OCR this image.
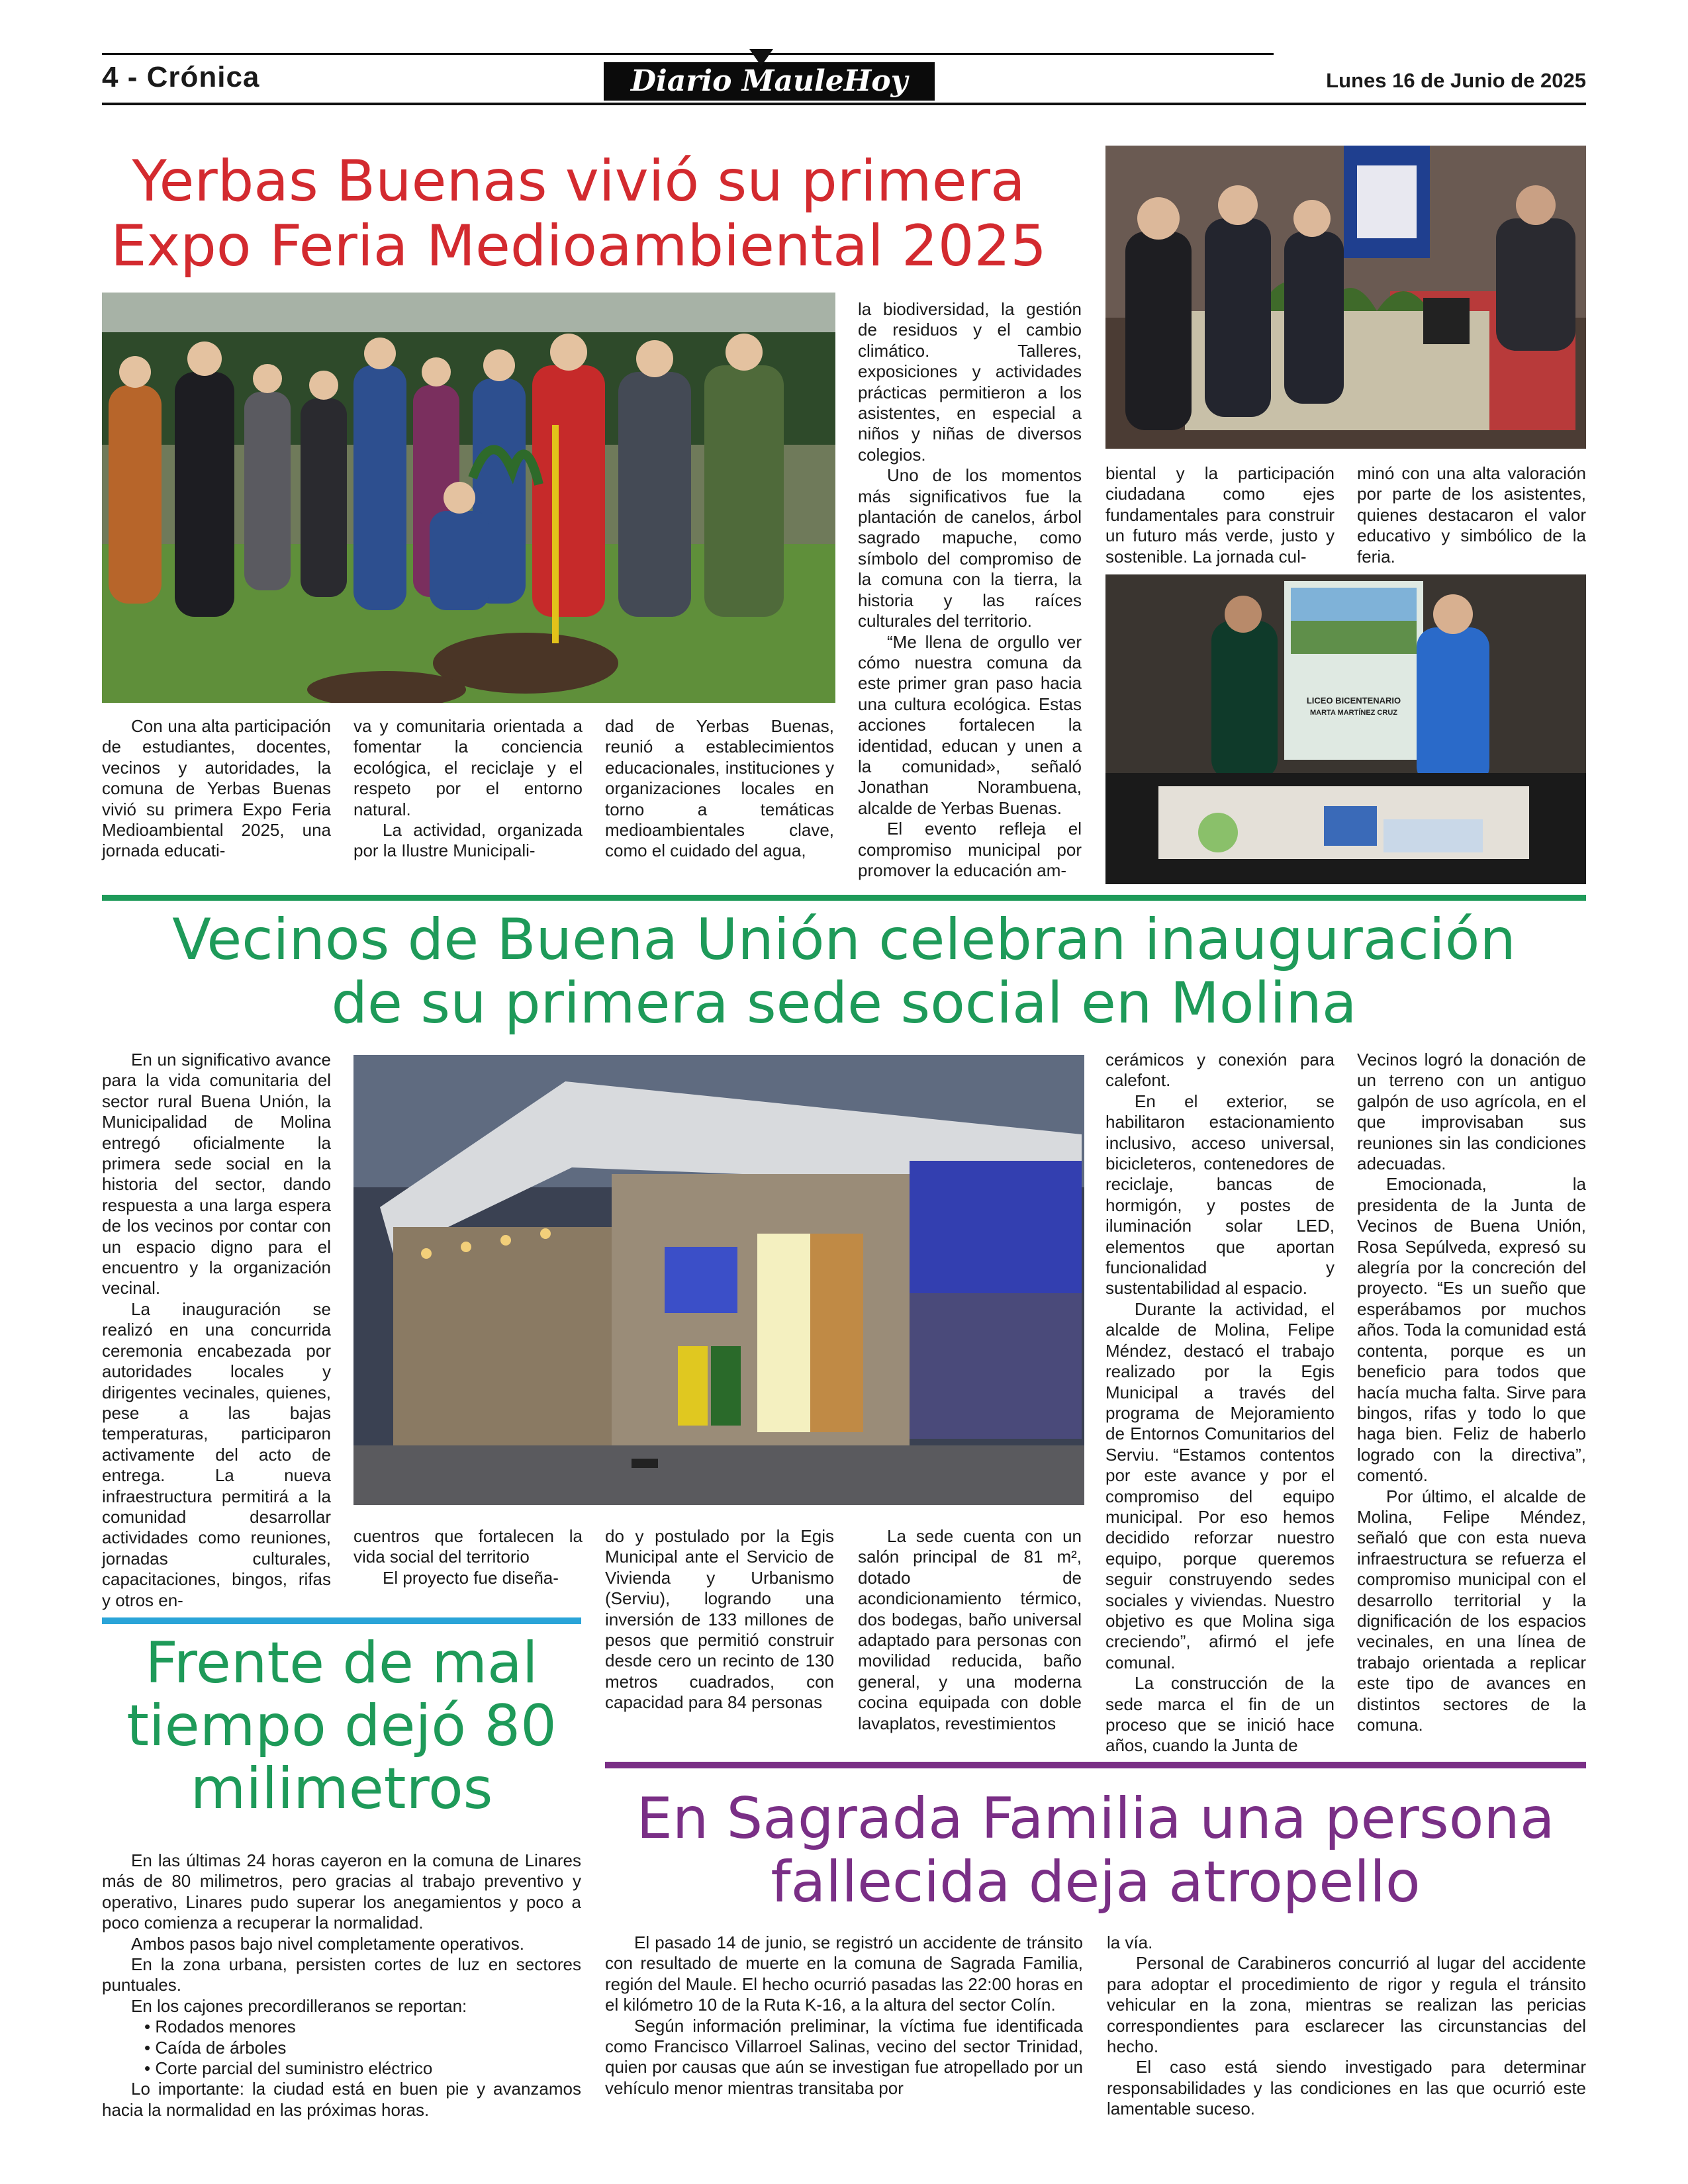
4 - Crónica	Diario MauleHoy	Lunes 16 de Junio de 2025
Yerbas Buenas vivió su primera
Expo Feria Medioambiental 2025

Con una alta participación de estudiantes, docentes, vecinos y autoridades, la comuna de Yerbas Buenas vivió su primera Expo Feria Medioambiental 2025, una jornada educati-

va y comunitaria orientada a fomentar la conciencia ecológica, el reciclaje y el respeto por el entorno natural.

La actividad, organizada por la Ilustre Municipali-

dad de Yerbas Buenas, reunió a establecimientos educacionales, instituciones y organizaciones locales en torno a temáticas medioambientales clave, como el cuidado del agua,

la biodiversidad, la gestión de residuos y el cambio climático. Talleres, exposiciones y actividades prácticas permitieron a los asistentes, en especial a niños y niñas de diversos colegios.

Uno de los momentos más significativos fue la plantación de canelos, árbol sagrado mapuche, como símbolo del compromiso de la comuna con la tierra, la historia y las raíces culturales del territorio.

“Me llena de orgullo ver cómo nuestra comuna da este primer gran paso hacia una cultura ecológica. Estas acciones fortalecen la identidad, educan y unen a la comunidad», señaló Jonathan Norambuena, alcalde de Yerbas Buenas.

El evento refleja el compromiso municipal por promover la educación am-

biental y la participación ciudadana como ejes fundamentales para construir un futuro más verde, justo y sostenible. La jornada cul-

minó con una alta valoración por parte de los asistentes, quienes destacaron el valor educativo y simbólico de la feria.

LICEO BICENTENARIO
MARTA MARTÍNEZ CRUZ
Vecinos de Buena Unión celebran inauguración
de su primera sede social en Molina

En un significativo avance para la vida comunitaria del sector rural Buena Unión, la Municipalidad de Molina entregó oficialmente la primera sede social en la historia del sector, dando respuesta a una larga espera de los vecinos por contar con un espacio digno para el encuentro y la organización vecinal.

La inauguración se realizó en una concurrida ceremonia encabezada por autoridades locales y dirigentes vecinales, quienes, pese a las bajas temperaturas, participaron activamente del acto de entrega. La nueva infraestructura permitirá a la comunidad desarrollar actividades como reuniones, jornadas culturales, capacitaciones, bingos, rifas y otros en-

cuentros que fortalecen la vida social del territorio

El proyecto fue diseña-

do y postulado por la Egis Municipal ante el Servicio de Vivienda y Urbanismo (Serviu), logrando una inversión de 133 millones de pesos que permitió construir desde cero un recinto de 130 metros cuadrados, con capacidad para 84 personas

La sede cuenta con un salón principal de 81 m², dotado de acondicionamiento térmico, dos bodegas, baño universal adaptado para personas con movilidad reducida, baño general, y una moderna cocina equipada con doble lavaplatos, revestimientos

cerámicos y conexión para calefont.

En el exterior, se habilitaron estacionamiento inclusivo, acceso universal, bicicleteros, contenedores de reciclaje, bancas de hormigón, y postes de iluminación solar LED, elementos que aportan funcionalidad y sustentabilidad al espacio.

Durante la actividad, el alcalde de Molina, Felipe Méndez, destacó el trabajo realizado por la Egis Municipal a través del programa de Mejoramiento de Entornos Comunitarios del Serviu. “Estamos contentos por este avance y por el compromiso del equipo municipal. Por eso hemos decidido reforzar nuestro equipo, porque queremos seguir construyendo sedes sociales y viviendas. Nuestro objetivo es que Molina siga creciendo”, afirmó el jefe comunal.

La construcción de la sede marca el fin de un proceso que se inició hace años, cuando la Junta de

Vecinos logró la donación de un terreno con un antiguo galpón de uso agrícola, en el que improvisaban sus reuniones sin las condiciones adecuadas.

Emocionada, la presidenta de la Junta de Vecinos de Buena Unión, Rosa Sepúlveda, expresó su alegría por la concreción del proyecto. “Es un sueño que esperábamos por muchos años. Toda la comunidad está contenta, porque es un beneficio para todos que hacía mucha falta. Sirve para bingos, rifas y todo lo que haga bien. Feliz de haberlo logrado con la directiva”, comentó.

Por último, el alcalde de Molina, Felipe Méndez, señaló que con esta nueva infraestructura se refuerza el compromiso municipal con el desarrollo territorial y la dignificación de los espacios vecinales, en una línea de trabajo orientada a replicar este tipo de avances en distintos sectores de la comuna.

Frente de mal
tiempo dejó 80
milimetros

En las últimas 24 horas cayeron en la comuna de Linares más de 80 milimetros, pero gracias al trabajo preventivo y operativo, Linares pudo superar los anegamientos y poco a poco comienza a recuperar la normalidad.

Ambos pasos bajo nivel completamente operativos.

En la zona urbana, persisten cortes de luz en sectores puntuales.

En los cajones precordilleranos se reportan:

• Rodados menores
• Caída de árboles
• Corte parcial del suministro eléctrico

Lo importante: la ciudad está en buen pie y avanzamos hacia la normalidad en las próximas horas.

En Sagrada Familia una persona
fallecida deja atropello

El pasado 14 de junio, se registró un accidente de tránsito con resultado de muerte en la comuna de Sagrada Familia, región del Maule. El hecho ocurrió pasadas las 22:00 horas en el kilómetro 10 de la Ruta K-16, a la altura del sector Colín.

Según información preliminar, la víctima fue identificada como Francisco Villarroel Salinas, vecino del sector Trinidad, quien por causas que aún se investigan fue atropellado por un vehículo menor mientras transitaba por

la vía.

Personal de Carabineros concurrió al lugar del accidente para adoptar el procedimiento de rigor y regula el tránsito vehicular en la zona, mientras se realizan las pericias correspondientes para esclarecer las circunstancias del hecho.

El caso está siendo investigado para determinar responsabilidades y las condiciones en las que ocurrió este lamentable suceso.
